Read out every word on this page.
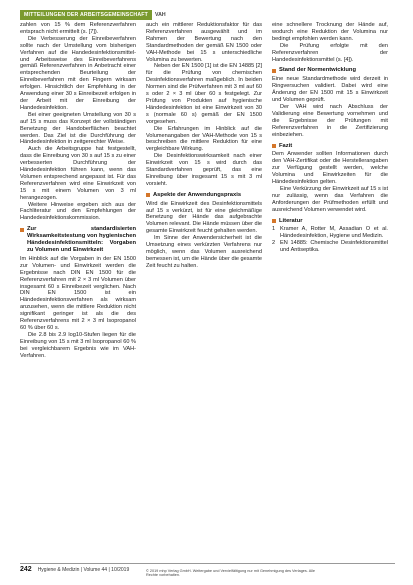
MITTEILUNGEN DER ARBEITSGEMEINSCHAFT	VAH

zahlen von 15 % dem Referenzverfahren entsprach nicht ermittelt (s. [7]).

Die Verbesserung der Einreibeverfahren sollte nach der Umstellung vom bisherigen Verfahren auf die Handedesinfektionsmittel- und Arbeitsweise des Einreibeverfahrens gemäß Referenzverfahren in Anbetracht einer entsprechenden Beurteilung der Einreibeverfahren mit den Fingern wirksam erfolgen. Hinsichtlich der Empfehlung in der Anwendung einer 30 s Einreibezeit erfolgen in der Arbeit mit der Einreibung der Handedesinfektion.

Bei einer geeigneten Umstellung von 30 s auf 15 s muss das Konzept der vollständigen Benetzung der Handoberflächen beachtet werden. Das Ziel ist die Durchführung der Händedesinfektion in zeitgerechter Weise.

Auch die Arbeitsgruppe hat festgestellt, dass die Einreibung von 30 s auf 15 s zu einer verbesserten Durchführung der Händedesinfektion führen kann, wenn das Volumen entsprechend angepasst ist. Für das Referenzverfahren wird eine Einwirkzeit von 15 s mit einem Volumen von 3 ml herangezogen.

Weitere Hinweise ergeben sich aus der Fachliteratur und den Empfehlungen der Handedesinfektionskommission.

Zur standardisierten Wirksamkeitstestung von hygienischen Händedesinfektionsmitteln: Vorgaben zu Volumen und Einwirkzeit

Im Hinblick auf die Vorgaben in der EN 1500 zur Volumen- und Einwirkzeit werden die Ergebnisse nach DIN EN 1500 für die Referenzverfahren mit 2 × 3 ml Volumen über insgesamt 60 s Einreibezeit verglichen. Nach DIN EN 1500 ist ein Händedesinfektionsverfahren als wirksam anzusehen, wenn die mittlere Reduktion nicht signifikant geringer ist als die des Referenzverfahrens mit 2 × 3 ml Isopropanol 60 % über 60 s.

Die 2.8 bis 2.9 log10-Stufen liegen für die Einreibung von 15 s mit 3 ml Isopropanol 60 % bei vergleichbarem Ergebnis wie im VAH-Verfahren.

auch ein mittlerer Reduktionsfaktor für das Referenzverfahren ausgewählt und im Rahmen der Bewertung nach den Standardmethoden der gemäß EN 1500 oder VAH-Methode bei 15 s unterschiedliche Volumina zu bewerten.

Neben der EN 1500 [1] ist die EN 14885 [2] für die Prüfung von chemischen Desinfektionsverfahren maßgeblich. In beiden Normen sind die Prüfverfahren mit 3 ml auf 60 s oder 2 × 3 ml über 60 s festgelegt. Zur Prüfung von Produkten auf hygienische Händedesinfektion ist eine Einwirkzeit von 30 s (normale 60 s) gemäß der EN 1500 vorgesehen.

Die Erfahrungen im Hinblick auf die Volumenangaben der VAH-Methode von 15 s beschreiben die mittlere Reduktion für eine vergleichbare Wirkung.

Die Desinfektionswirksamkeit nach einer Einwirkzeit von 15 s wird durch das Standardverfahren geprüft, das eine Einreibung über insgesamt 15 s mit 3 ml vorsieht.

Aspekte der Anwendungspraxis

Wird die Einwirkzeit des Desinfektionsmittels auf 15 s verkürzt, ist für eine gleichmäßige Benetzung der Hände das aufgebrachte Volumen relevant. Die Hände müssen über die gesamte Einwirkzeit feucht gehalten werden.

Im Sinne der Anwendersicherheit ist die Umsetzung eines verkürzten Verfahrens nur möglich, wenn das Volumen ausreichend bemessen ist, um die Hände über die gesamte Zeit feucht zu halten.

eine schnellere Trocknung der Hände auf, wodurch eine Reduktion der Volumina nur bedingt empfohlen werden kann.

Die Prüfung erfolgte mit den Referenzverfahren der Handedesinfektionsmittel (s. [4]).

Stand der Normentwicklung

Eine neue Standardmethode wird derzeit in Ringversuchen validiert. Dabei wird eine Änderung der EN 1500 mit 15 s Einwirkzeit und Volumen geprüft.

Der VAH wird nach Abschluss der Validierung eine Bewertung vornehmen und die Ergebnisse der Prüfungen mit Referenzverfahren in die Zertifizierung einbeziehen.

Fazit

Dem Anwender sollten Informationen durch den VAH-Zertifikat oder die Herstellerangaben zur Verfügung gestellt werden, welche Volumina und Einwirkzeiten für die Händedesinfektion gelten.

Eine Verkürzung der Einwirkzeit auf 15 s ist nur zulässig, wenn das Verfahren die Anforderungen der Prüfmethoden erfüllt und ausreichend Volumen verwendet wird.

Literatur
1 Kramer A, Rotter M, Assadian O et al. Händedesinfektion, Hygiene und Medizin.
2 EN 14885: Chemische Desinfektionsmittel und Antiseptika.
242 Hygiene & Medizin | Volume 44 | 10/2019	© 2019 mhp Verlag GmbH. Weitergabe und Vervielfältigung nur mit Genehmigung des Verlages. Alle Rechte vorbehalten.
